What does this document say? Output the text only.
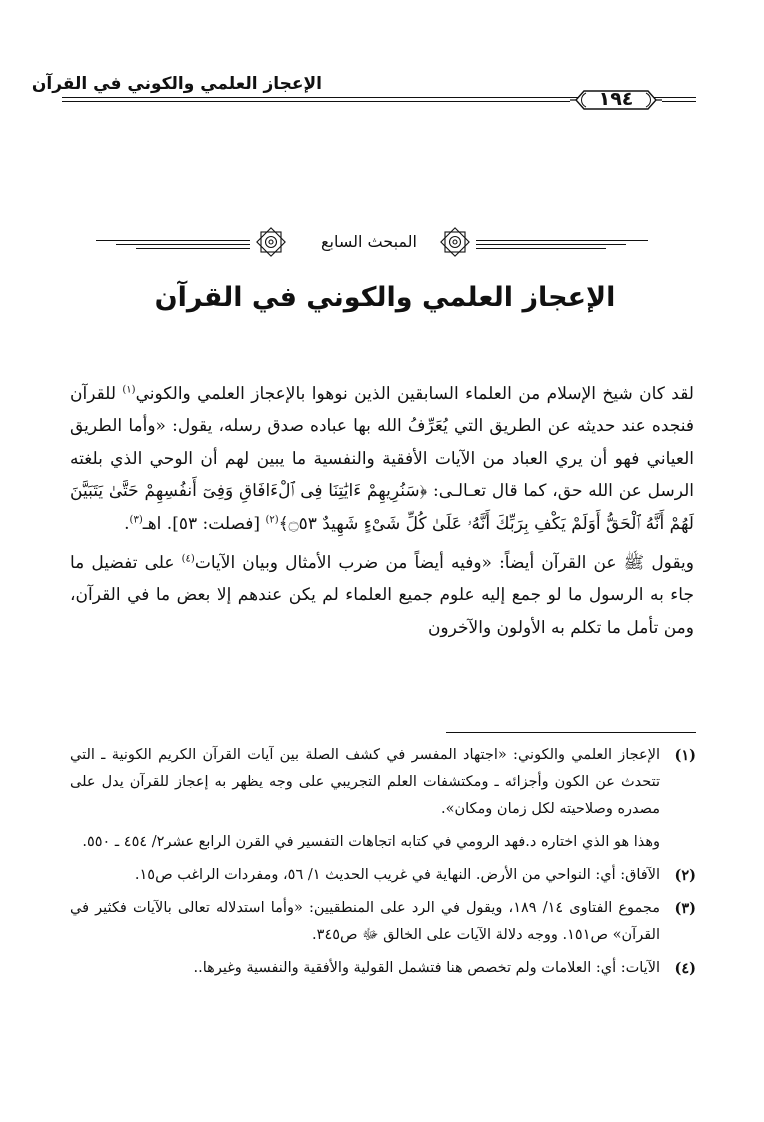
الإعجاز العلمي والكوني في القرآن
١٩٤
المبحث السابع
الإعجاز العلمي والكوني في القرآن

لقد كان شيخ الإسلام من العلماء السابقين الذين نوهوا بالإعجاز العلمي والكوني$^{(١)}$ للقرآن فنجده عند حديثه عن الطريق التي يُعَرِّفُ الله بها عباده صدق رسله، يقول: «وأما الطريق العياني فهو أن يري العباد من الآيات الأفقية والنفسية ما يبين لهم أن الوحي الذي بلغته الرسل عن الله حق، كما قال تعـالـى: ﴿سَنُرِيهِمْ ءَايَٰتِنَا فِى ٱلْءَافَاقِ وَفِىٓ أَنفُسِهِمْ حَتَّىٰ يَتَبَيَّنَ لَهُمْ أَنَّهُ ٱلْحَقُّ أَوَلَمْ يَكْفِ بِرَبِّكَ أَنَّهُۥ عَلَىٰ كُلِّ شَىْءٍ شَهِيدٌ ۝٥٣﴾$^{(٢)}$ [فصلت: ٥٣]. اهـ$^{(٣)}$.

ويقول ﷺ عن القرآن أيضاً: «وفيه أيضاً من ضرب الأمثال وبيان الآيات$^{(٤)}$ على تفضيل ما جاء به الرسول ما لو جمع إليه علوم جميع العلماء لم يكن عندهم إلا بعض ما في القرآن، ومن تأمل ما تكلم به الأولون والآخرون

(١)
الإعجاز العلمي والكوني: «اجتهاد المفسر في كشف الصلة بين آيات القرآن الكريم الكونية ـ التي تتحدث عن الكون وأجزائه ـ ومكتشفات العلم التجريبي على وجه يظهر به إعجاز للقرآن يدل على مصدره وصلاحيته لكل زمان ومكان».
وهذا هو الذي اختاره د.فهد الرومي في كتابه اتجاهات التفسير في القرن الرابع عشر٢/ ٤٥٤ ـ ٥٥٠.
(٢)
الآفاق: أي: النواحي من الأرض. النهاية في غريب الحديث ١/ ٥٦، ومفردات الراغب ص١٥.
(٣)
مجموع الفتاوى ١٤/ ١٨٩، ويقول في الرد على المنطقيين: «وأما استدلاله تعالى بالآيات فكثير في القرآن» ص١٥١. ووجه دلالة الآيات على الخالق ﷻ ص٣٤٥.
(٤)
الآيات: أي: العلامات ولم تخصص هنا فتشمل القولية والأفقية والنفسية وغيرها..
